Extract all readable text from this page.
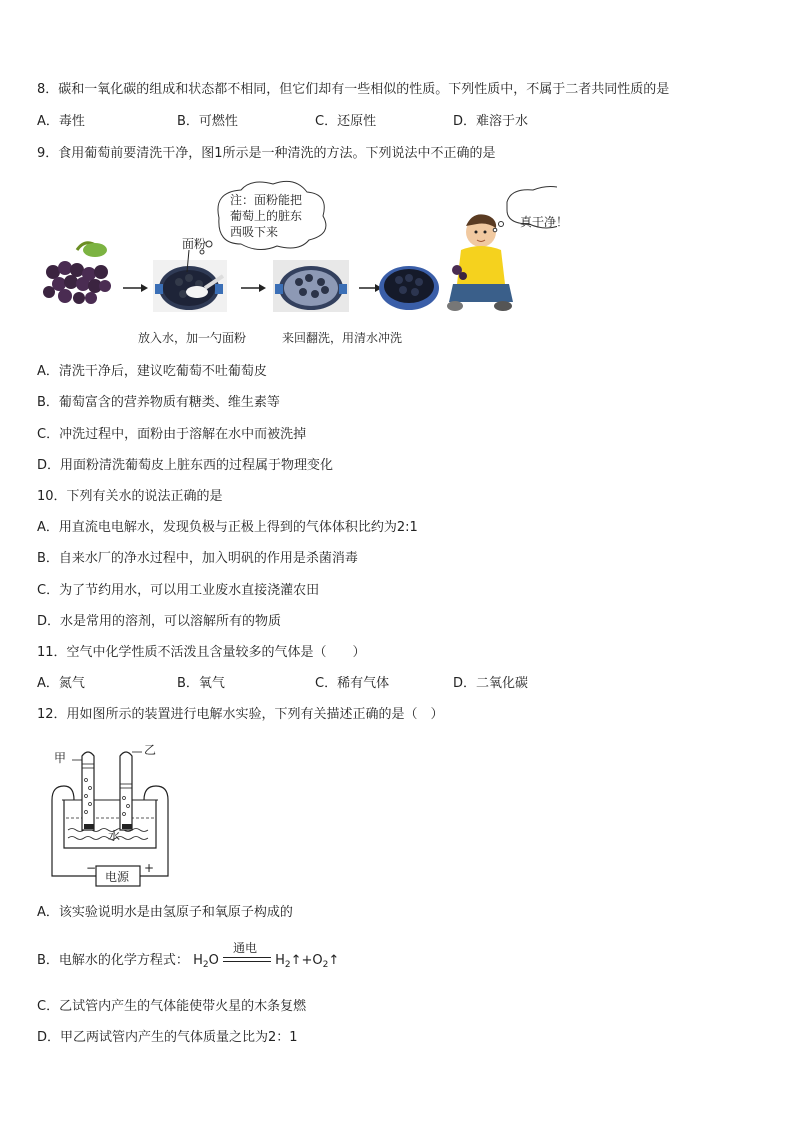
8．碳和一氧化碳的组成和状态都不相同，但它们却有一些相似的性质。下列性质中，不属于二者共同性质的是
A．毒性	B．可燃性	C．还原性	D．难溶于水
9．食用葡萄前要清洗干净，图1所示是一种清洗的方法。下列说法中不正确的是
注：面粉能把
葡萄上的脏东
西吸下来
面粉
真干净！
放入水，加一勺面粉	来回翻洗，用清水冲洗
A．清洗干净后，建议吃葡萄不吐葡萄皮
B．葡萄富含的营养物质有糖类、维生素等
C．冲洗过程中，面粉由于溶解在水中而被洗掉
D．用面粉清洗葡萄皮上脏东西的过程属于物理变化
10．下列有关水的说法正确的是
A．用直流电电解水，发现负极与正极上得到的气体体积比约为2:1
B．自来水厂的净水过程中，加入明矾的作用是杀菌消毒
C．为了节约用水，可以用工业废水直接浇灌农田
D．水是常用的溶剂，可以溶解所有的物质
11．空气中化学性质不活泼且含量较多的气体是（　　）
A．氮气	B．氧气	C．稀有气体	D．二氧化碳
12．用如图所示的装置进行电解水实验，下列有关描述正确的是（　）
甲
乙
水
电源
−	+
A．该实验说明水是由氢原子和氧原子构成的
B．电解水的化学方程式： $H_2O$
通电
$H_2↑+O_2↑$
C．乙试管内产生的气体能使带火星的木条复燃
D．甲乙两试管内产生的气体质量之比为2：1
